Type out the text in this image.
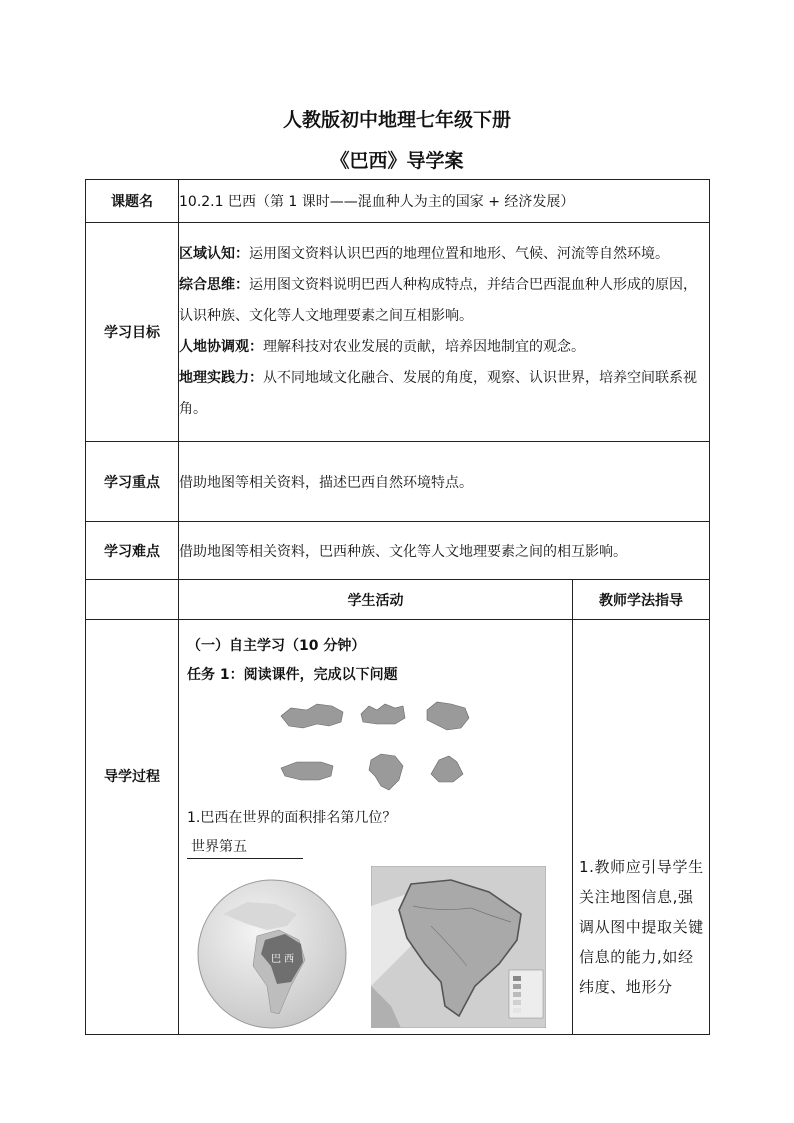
人教版初中地理七年级下册
《巴西》导学案
课题名	10.2.1 巴西（第 1 课时——混血种人为主的国家 + 经济发展）	
学习目标	区域认知：运用图文资料认识巴西的地理位置和地形、气候、河流等自然环境。

综合思维：运用图文资料说明巴西人种构成特点，并结合巴西混血种人形成的原因，认识种族、文化等人文地理要素之间互相影响。

人地协调观：理解科技对农业发展的贡献，培养因地制宜的观念。

地理实践力：从不同地域文化融合、发展的角度，观察、认识世界，培养空间联系视角。	

学习重点	借助地图等相关资料，描述巴西自然环境特点。	
学习难点	借助地图等相关资料，巴西种族、文化等人文地理要素之间的相互影响。	
	学生活动	教师学法指导
导学过程	（一）自主学习（10 分钟）
任务 1：阅读课件，完成以下问题
1.巴西在世界的面积排名第几位？
世界第五
巴 西	1.教师应引导学生关注地图信息,强调从图中提取关键信息的能力,如经纬度、地形分
